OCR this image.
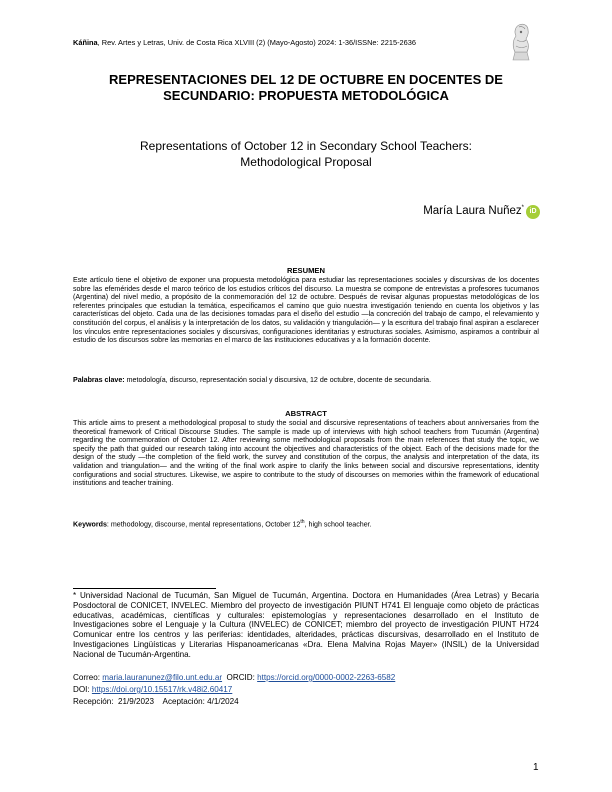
Káñina, Rev. Artes y Letras, Univ. de Costa Rica XLVIII (2) (Mayo-Agosto) 2024: 1-36/ISSNe: 2215-2636
REPRESENTACIONES DEL 12 DE OCTUBRE EN DOCENTES DE
SECUNDARIO: PROPUESTA METODOLÓGICA
Representations of October 12 in Secondary School Teachers:
Methodological Proposal
María Laura Nuñez* iD
RESUMEN
Este artículo tiene el objetivo de exponer una propuesta metodológica para estudiar las representaciones sociales y discursivas de los docentes sobre las efemérides desde el marco teórico de los estudios críticos del discurso. La muestra se compone de entrevistas a profesores tucumanos (Argentina) del nivel medio, a propósito de la conmemoración del 12 de octubre. Después de revisar algunas propuestas metodológicas de los referentes principales que estudian la temática, especificamos el camino que guio nuestra investigación teniendo en cuenta los objetivos y las características del objeto. Cada una de las decisiones tomadas para el diseño del estudio —la concreción del trabajo de campo, el relevamiento y constitución del corpus, el análisis y la interpretación de los datos, su validación y triangulación— y la escritura del trabajo final aspiran a esclarecer los vínculos entre representaciones sociales y discursivas, configuraciones identitarias y estructuras sociales. Asimismo, aspiramos a contribuir al estudio de los discursos sobre las memorias en el marco de las instituciones educativas y a la formación docente.
Palabras clave: metodología, discurso, representación social y discursiva, 12 de octubre, docente de secundaria.
ABSTRACT
This article aims to present a methodological proposal to study the social and discursive representations of teachers about anniversaries from the theoretical framework of Critical Discourse Studies. The sample is made up of interviews with high school teachers from Tucumán (Argentina) regarding the commemoration of October 12. After reviewing some methodological proposals from the main references that study the topic, we specify the path that guided our research taking into account the objectives and characteristics of the object. Each of the decisions made for the design of the study —the completion of the field work, the survey and constitution of the corpus, the analysis and interpretation of the data, its validation and triangulation— and the writing of the final work aspire to clarify the links between social and discursive representations, identity configurations and social structures. Likewise, we aspire to contribute to the study of discourses on memories within the framework of educational institutions and teacher training.
Keywords: methodology, discourse, mental representations, October 12th, high school teacher.
* Universidad Nacional de Tucumán, San Miguel de Tucumán, Argentina. Doctora en Humanidades (Área Letras) y Becaria Posdoctoral de CONICET, INVELEC. Miembro del proyecto de investigación PIUNT H741 El lenguaje como objeto de prácticas educativas, académicas, científicas y culturales: epistemologías y representaciones desarrollado en el Instituto de Investigaciones sobre el Lenguaje y la Cultura (INVELEC) de CONICET; miembro del proyecto de investigación PIUNT H724 Comunicar entre los centros y las periferias: identidades, alteridades, prácticas discursivas, desarrollado en el Instituto de Investigaciones Lingüísticas y Literarias Hispanoamericanas «Dra. Elena Malvina Rojas Mayer» (INSIL) de la Universidad Nacional de Tucumán-Argentina.
Correo: maria.lauranunez@filo.unt.edu.ar  ORCID: https://orcid.org/0000-0002-2263-6582
DOI: https://doi.org/10.15517/rk.v48i2.60417
Recepción:  21/9/2023    Aceptación: 4/1/2024
1
